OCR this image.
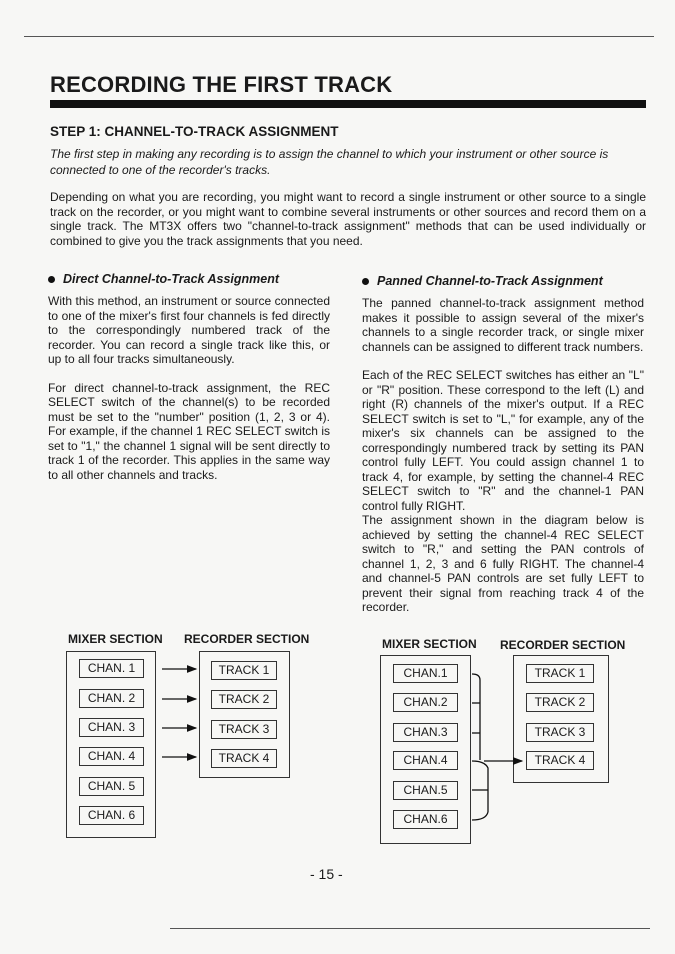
RECORDING THE FIRST TRACK
STEP 1: CHANNEL-TO-TRACK ASSIGNMENT

The first step in making any recording is to assign the channel to which your instrument or other source is connected to one of the recorder's tracks.

Depending on what you are recording, you might want to record a single instrument or other source to a single track on the recorder, or you might want to combine several instruments or other sources and record them on a single track. The MT3X offers two "channel-to-track assignment" methods that can be used individually or combined to give you the track assignments that you need.

Direct Channel-to-Track Assignment

With this method, an instrument or source connected to one of the mixer's first four channels is fed directly to the correspondingly numbered track of the recorder. You can record a single track like this, or up to all four tracks simultaneously.

For direct channel-to-track assignment, the REC SELECT switch of the channel(s) to be recorded must be set to the "number" position (1, 2, 3 or 4). For example, if the channel 1 REC SELECT switch is set to "1," the channel 1 signal will be sent directly to track 1 of the recorder. This applies in the same way to all other channels and tracks.

Panned Channel-to-Track Assignment

The panned channel-to-track assignment method makes it possible to assign several of the mixer's channels to a single recorder track, or single mixer channels can be assigned to different track numbers.

Each of the REC SELECT switches has either an "L" or "R" position. These correspond to the left (L) and right (R) channels of the mixer's output. If a REC SELECT switch is set to "L," for example, any of the mixer's six channels can be assigned to the correspondingly numbered track by setting its PAN control fully LEFT. You could assign channel 1 to track 4, for example, by setting the channel-4 REC SELECT switch to "R" and the channel-1 PAN control fully RIGHT.

The assignment shown in the diagram below is achieved by setting the channel-4 REC SELECT switch to "R," and setting the PAN controls of channel 1, 2, 3 and 6 fully RIGHT. The channel-4 and channel-5 PAN controls are set fully LEFT to prevent their signal from reaching track 4 of the recorder.

MIXER SECTION RECORDER SECTION

CHAN. 1
CHAN. 2
CHAN. 3
CHAN. 4
CHAN. 5
CHAN. 6
TRACK 1
TRACK 2
TRACK 3
TRACK 4

MIXER SECTION RECORDER SECTION

CHAN.1
CHAN.2
CHAN.3
CHAN.4
CHAN.5
CHAN.6
TRACK 1
TRACK 2
TRACK 3
TRACK 4

- 15 -
